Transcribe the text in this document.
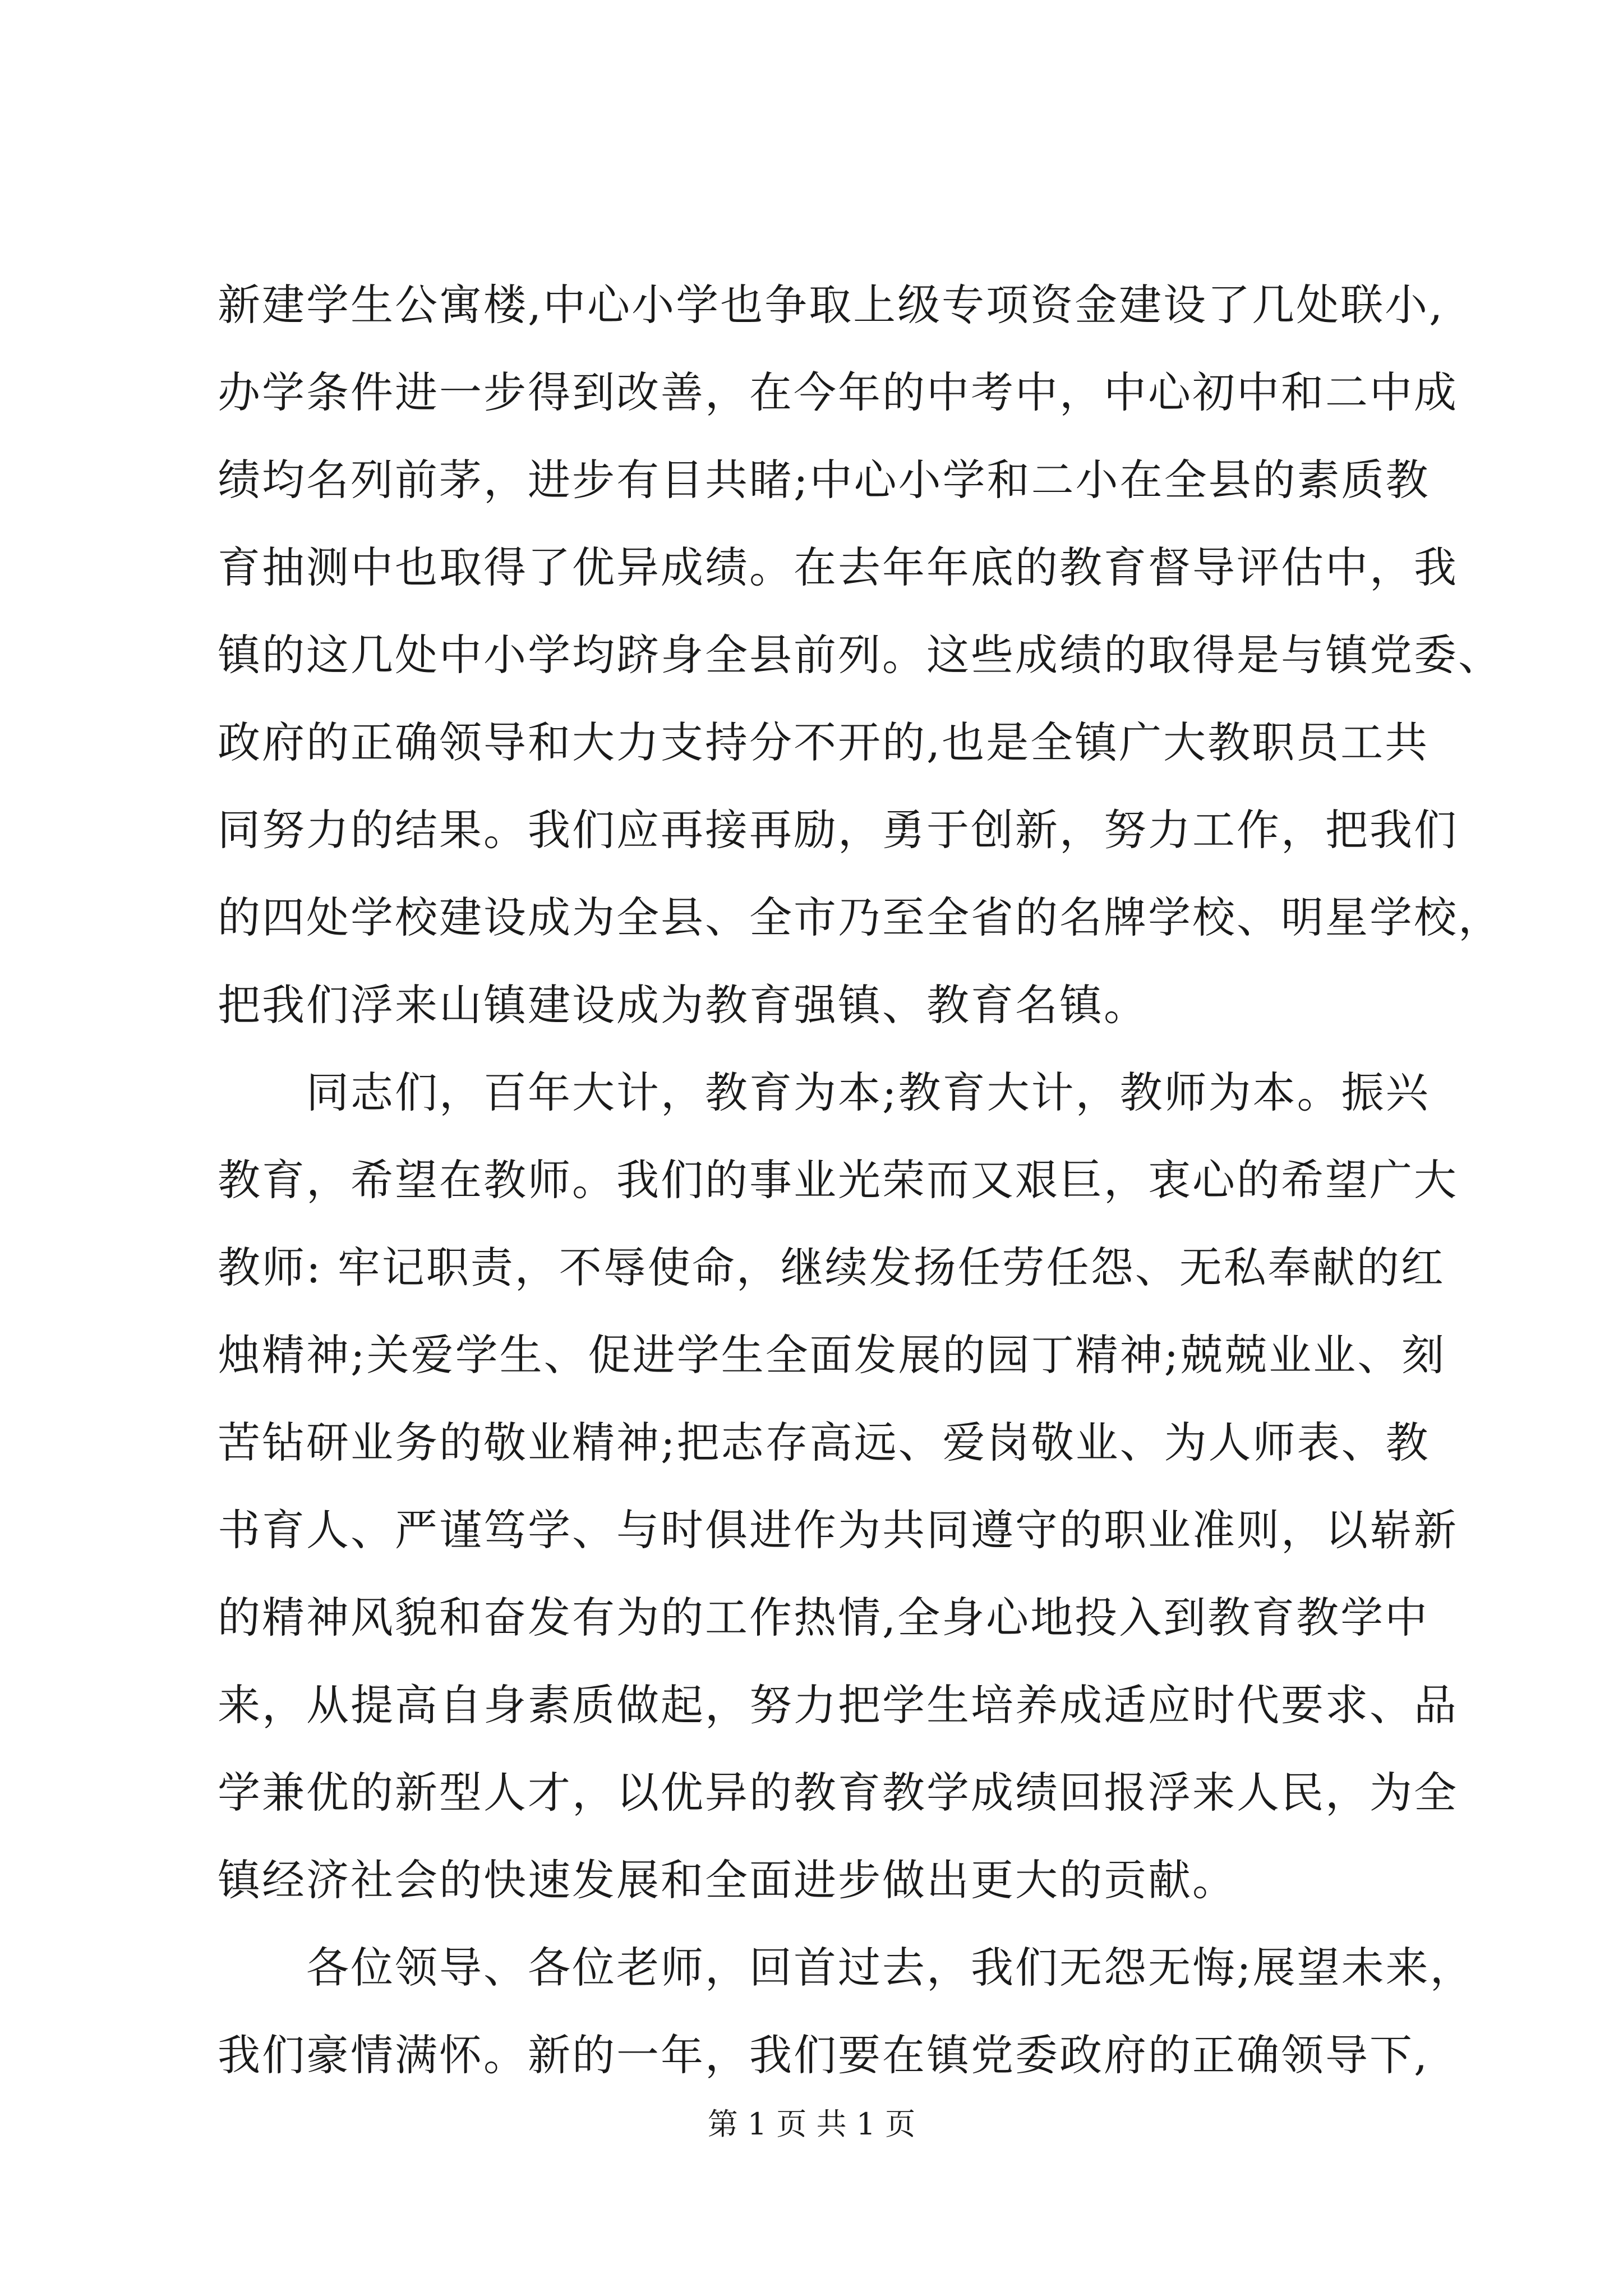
新建学生公寓楼,中心小学也争取上级专项资金建设了几处联小,
办学条件进一步得到改善，在今年的中考中，中心初中和二中成
绩均名列前茅，进步有目共睹;中心小学和二小在全县的素质教
育抽测中也取得了优异成绩。在去年年底的教育督导评估中，我
镇的这几处中小学均跻身全县前列。这些成绩的取得是与镇党委、
政府的正确领导和大力支持分不开的,也是全镇广大教职员工共
同努力的结果。我们应再接再励，勇于创新，努力工作，把我们
的四处学校建设成为全县、全市乃至全省的名牌学校、明星学校，
把我们浮来山镇建设成为教育强镇、教育名镇。
同志们，百年大计，教育为本;教育大计，教师为本。振兴
教育，希望在教师。我们的事业光荣而又艰巨，衷心的希望广大
教师: 牢记职责，不辱使命，继续发扬任劳任怨、无私奉献的红
烛精神;关爱学生、促进学生全面发展的园丁精神;兢兢业业、刻
苦钻研业务的敬业精神;把志存高远、爱岗敬业、为人师表、教
书育人、严谨笃学、与时俱进作为共同遵守的职业准则，以崭新
的精神风貌和奋发有为的工作热情,全身心地投入到教育教学中
来，从提高自身素质做起，努力把学生培养成适应时代要求、品
学兼优的新型人才，以优异的教育教学成绩回报浮来人民，为全
镇经济社会的快速发展和全面进步做出更大的贡献。
各位领导、各位老师，回首过去，我们无怨无悔;展望未来，
我们豪情满怀。新的一年，我们要在镇党委政府的正确领导下,
第 1 页 共 1 页
